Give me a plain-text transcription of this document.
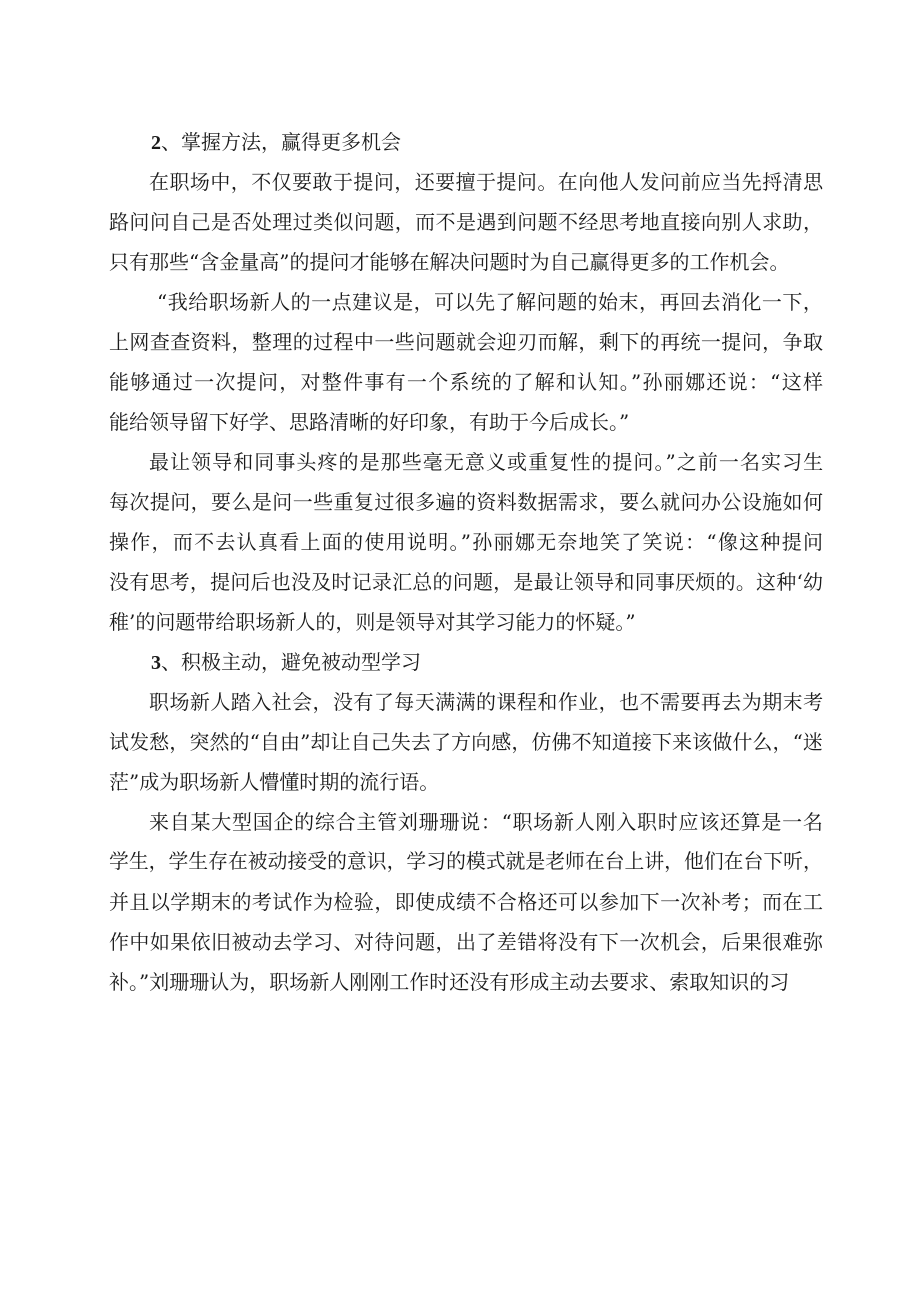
2、掌握方法，赢得更多机会

在职场中，不仅要敢于提问，还要擅于提问。在向他人发问前应当先捋清思
路问问自己是否处理过类似问题，而不是遇到问题不经思考地直接向别人求助，
只有那些“含金量高”的提问才能够在解决问题时为自己赢得更多的工作机会。

“我给职场新人的一点建议是，可以先了解问题的始末，再回去消化一下，
上网查查资料，整理的过程中一些问题就会迎刃而解，剩下的再统一提问，争取
能够通过一次提问，对整件事有一个系统的了解和认知。”孙丽娜还说：“这样
能给领导留下好学、思路清晰的好印象，有助于今后成长。”

最让领导和同事头疼的是那些毫无意义或重复性的提问。”之前一名实习生
每次提问，要么是问一些重复过很多遍的资料数据需求，要么就问办公设施如何
操作，而不去认真看上面的使用说明。”孙丽娜无奈地笑了笑说：“像这种提问
没有思考，提问后也没及时记录汇总的问题，是最让领导和同事厌烦的。这种‘幼
稚’的问题带给职场新人的，则是领导对其学习能力的怀疑。”

3、积极主动，避免被动型学习

职场新人踏入社会，没有了每天满满的课程和作业，也不需要再去为期末考
试发愁，突然的“自由”却让自己失去了方向感，仿佛不知道接下来该做什么，“迷
茫”成为职场新人懵懂时期的流行语。

来自某大型国企的综合主管刘珊珊说：“职场新人刚入职时应该还算是一名
学生，学生存在被动接受的意识，学习的模式就是老师在台上讲，他们在台下听，
并且以学期末的考试作为检验，即使成绩不合格还可以参加下一次补考；而在工
作中如果依旧被动去学习、对待问题，出了差错将没有下一次机会，后果很难弥
补。”刘珊珊认为，职场新人刚刚工作时还没有形成主动去要求、索取知识的习
